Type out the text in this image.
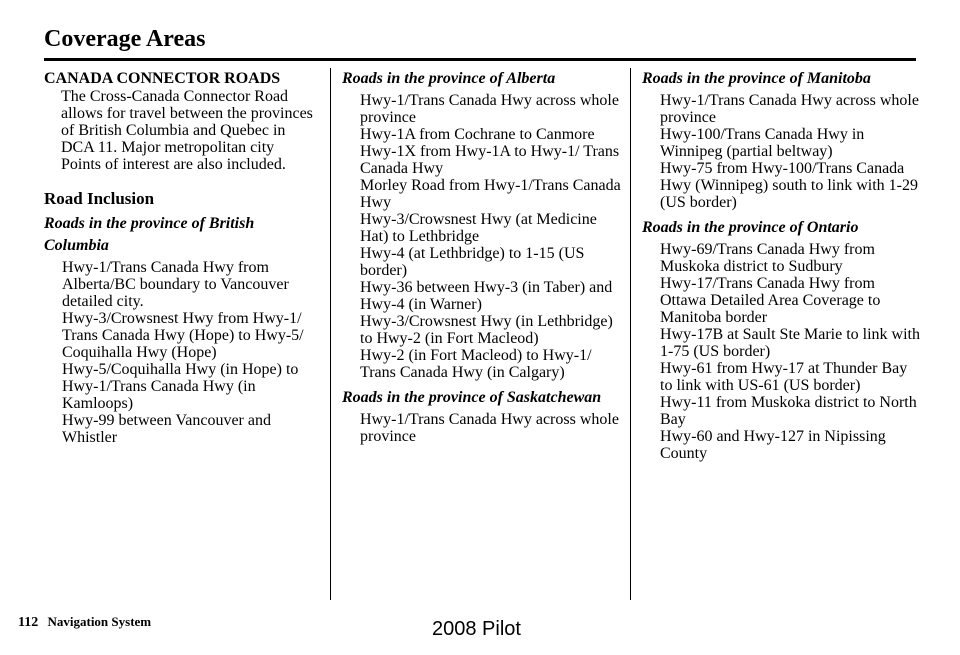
Coverage Areas
CANADA CONNECTOR ROADS
The Cross-Canada Connector Road allows for travel between the provinces of British Columbia and Quebec in DCA 11. Major metropolitan city Points of interest are also included.
Road Inclusion
Roads in the province of British Columbia
Hwy-1/Trans Canada Hwy from Alberta/BC boundary to Vancouver detailed city.
Hwy-3/Crowsnest Hwy from Hwy-1/ Trans Canada Hwy (Hope) to Hwy-5/ Coquihalla Hwy (Hope)
Hwy-5/Coquihalla Hwy (in Hope) to Hwy-1/Trans Canada Hwy (in Kamloops)
Hwy-99 between Vancouver and Whistler
Roads in the province of Alberta
Hwy-1/Trans Canada Hwy across whole province
Hwy-1A from Cochrane to Canmore
Hwy-1X from Hwy-1A to Hwy-1/ Trans Canada Hwy
Morley Road from Hwy-1/Trans Canada Hwy
Hwy-3/Crowsnest Hwy (at Medicine Hat) to Lethbridge
Hwy-4 (at Lethbridge) to 1-15 (US border)
Hwy-36 between Hwy-3 (in Taber) and Hwy-4 (in Warner)
Hwy-3/Crowsnest Hwy (in Lethbridge) to Hwy-2 (in Fort Macleod)
Hwy-2 (in Fort Macleod) to Hwy-1/ Trans Canada Hwy (in Calgary)
Roads in the province of Saskatchewan
Hwy-1/Trans Canada Hwy across whole province
Roads in the province of Manitoba
Hwy-1/Trans Canada Hwy across whole province
Hwy-100/Trans Canada Hwy in Winnipeg (partial beltway)
Hwy-75 from Hwy-100/Trans Canada Hwy (Winnipeg) south to link with 1-29 (US border)
Roads in the province of Ontario
Hwy-69/Trans Canada Hwy from Muskoka district to Sudbury
Hwy-17/Trans Canada Hwy from Ottawa Detailed Area Coverage to Manitoba border
Hwy-17B at Sault Ste Marie to link with 1-75 (US border)
Hwy-61 from Hwy-17 at Thunder Bay to link with US-61 (US border)
Hwy-11 from Muskoka district to North Bay
Hwy-60 and Hwy-127 in Nipissing County
112 Navigation System	2008 Pilot
